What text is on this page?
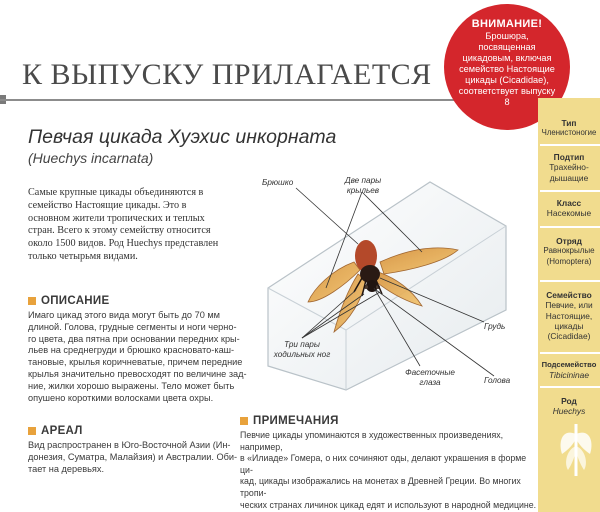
К ВЫПУСКУ ПРИЛАГАЕТСЯ
ВНИМАНИЕ!
Брошюра, посвященная цикадовым, включая семейство Настоящие цикады (Cicadidae), соответствует выпуску 8
Певчая цикада Хуэхис инкорната
(Huechys incarnata)
Самые крупные цикады объединяются в семейство Настоящие цикады. Это в основном жители тропических и теплых стран. Всего к этому семейству относится около 1500 видов. Род Huechys представлен только четырьмя видами.
ОПИСАНИЕ
Имаго цикад этого вида могут быть до 70 мм
длиной. Голова, грудные сегменты и ноги черно-
го цвета, два пятна при основании передних кры-
льев на среднегруди и брюшко красновато-каш-
тановые, крылья коричневатые, причем передние
крылья значительно превосходят по величине зад-
ние, жилки хорошо выражены. Тело может быть
опушено короткими волосками цвета охры.
АРЕАЛ
Вид распространен в Юго-Восточной Азии (Ин-
донезия, Суматра, Малайзия) и Австралии. Оби-
тает на деревьях.
ПРИМЕЧАНИЯ
Певчие цикады упоминаются в художественных произведениях, например,
в «Илиаде» Гомера, о них сочиняют оды, делают украшения в форме ци-
кад, цикады изображались на монетах в Древней Греции. Во многих тропи-
ческих странах личинок цикад едят и используют в народной медицине.
Брюшко	Две пары крыльев
Грудь
Три пары ходильных ног
Фасеточные глаза	Голова
Тип
Членистоногие
Подтип
Трахейно-дышащие
Класс
Насекомые
Отряд
Равнокрылые (Homoptera)
Семейство
Певчие, или Настоящие, цикады (Cicadidae)
Подсемейство
Tibicininae
Род
Huechys
